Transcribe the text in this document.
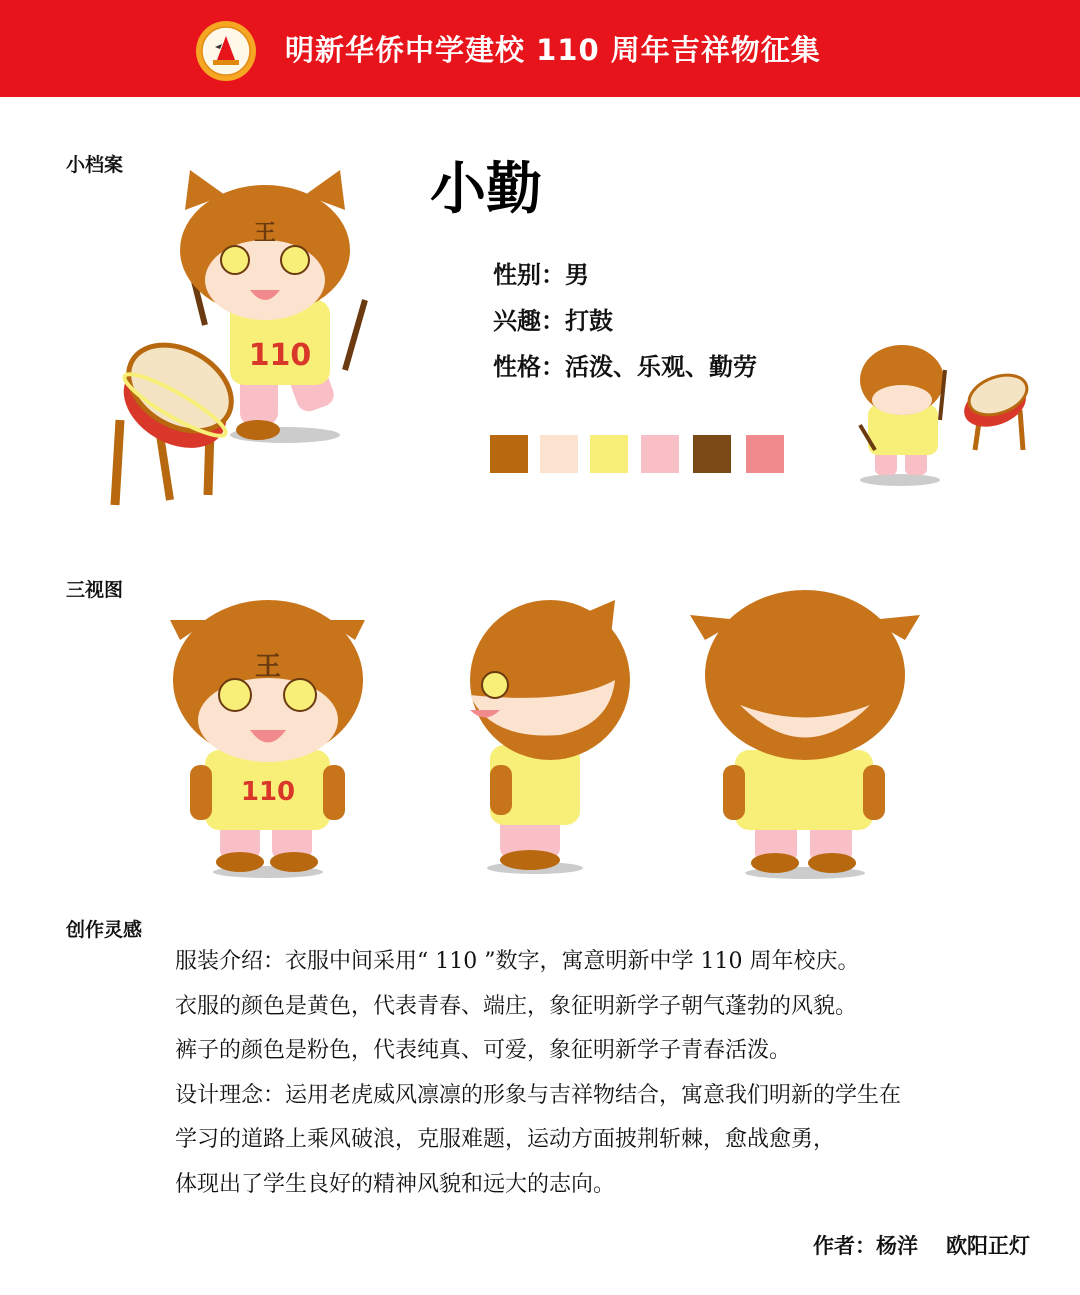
明新华侨中学建校 110 周年吉祥物征集
小档案
110
王
小勤
性别：男
兴趣：打鼓
性格：活泼、乐观、勤劳
三视图
110
王
创作灵感
服装介绍：衣服中间采用“ 110 ”数字，寓意明新中学 110 周年校庆。
衣服的颜色是黄色，代表青春、端庄，象征明新学子朝气蓬勃的风貌。
裤子的颜色是粉色，代表纯真、可爱，象征明新学子青春活泼。
设计理念：运用老虎威风凛凛的形象与吉祥物结合，寓意我们明新的学生在
学习的道路上乘风破浪，克服难题，运动方面披荆斩棘，愈战愈勇，
体现出了学生良好的精神风貌和远大的志向。
作者：杨洋 欧阳正灯
